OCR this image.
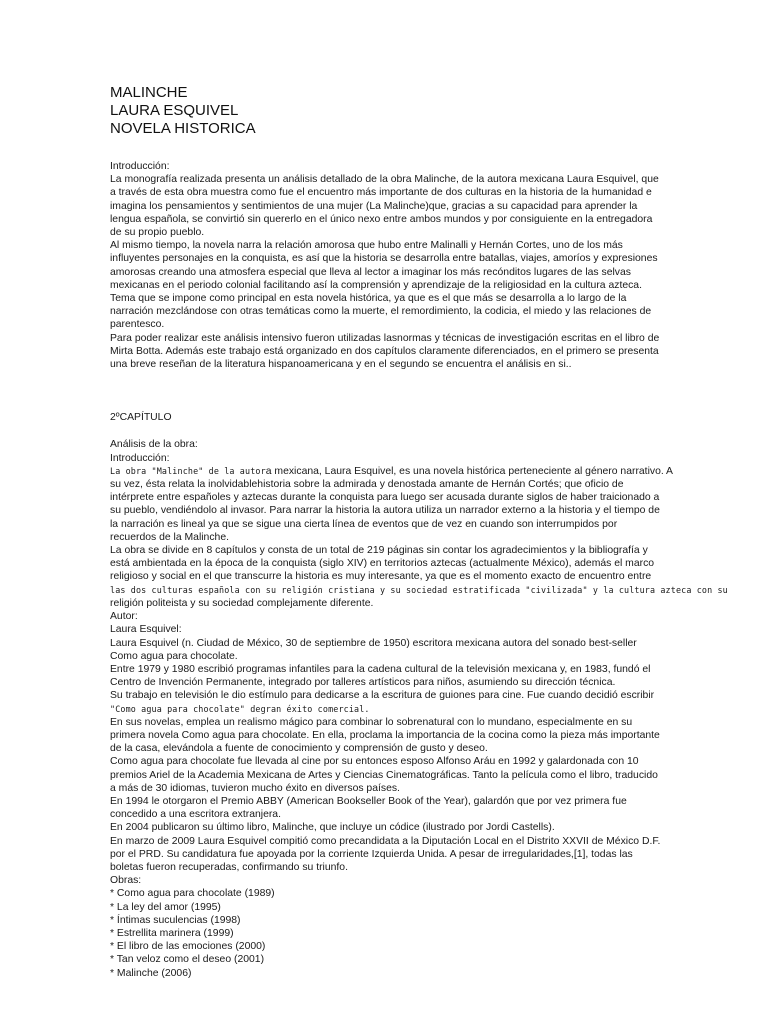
MALINCHE
LAURA ESQUIVEL
NOVELA HISTORICA
Introducción:
La monografía realizada presenta un análisis detallado de la obra Malinche, de la autora mexicana Laura Esquivel, que
a través de esta obra muestra como fue el encuentro más importante de dos culturas en la historia de la humanidad e
imagina los pensamientos y sentimientos de una mujer (La Malinche)que, gracias a su capacidad para aprender la
lengua española, se convirtió sin quererlo en el único nexo entre ambos mundos y por consiguiente en la entregadora
de su propio pueblo.
Al mismo tiempo, la novela narra la relación amorosa que hubo entre Malinalli y Hernán Cortes, uno de los más
influyentes personajes en la conquista, es así que la historia se desarrolla entre batallas, viajes, amoríos y expresiones
amorosas creando una atmosfera especial que lleva al lector a imaginar los más recónditos lugares de las selvas
mexicanas en el periodo colonial facilitando así la comprensión y aprendizaje de la religiosidad en la cultura azteca.
Tema que se impone como principal en esta novela histórica, ya que es el que más se desarrolla a lo largo de la
narración mezclándose con otras temáticas como la muerte, el remordimiento, la codicia, el miedo y las relaciones de
parentesco.
Para poder realizar este análisis intensivo fueron utilizadas lasnormas y técnicas de investigación escritas en el libro de
Mirta Botta. Además este trabajo está organizado en dos capítulos claramente diferenciados, en el primero se presenta
una breve reseñan de la literatura hispanoamericana y en el segundo se encuentra el análisis en si..
2ºCAPÍTULO
Análisis de la obra:
Introducción:
La obra "Malinche" de la autora mexicana, Laura Esquivel, es una novela histórica perteneciente al género narrativo. A
su vez, ésta relata la inolvidablehistoria sobre la admirada y denostada amante de Hernán Cortés; que oficio de
intérprete entre españoles y aztecas durante la conquista para luego ser acusada durante siglos de haber traicionado a
su pueblo, vendiéndolo al invasor. Para narrar la historia la autora utiliza un narrador externo a la historia y el tiempo de
la narración es lineal ya que se sigue una cierta línea de eventos que de vez en cuando son interrumpidos por
recuerdos de la Malinche.
La obra se divide en 8 capítulos y consta de un total de 219 páginas sin contar los agradecimientos y la bibliografía y
está ambientada en la época de la conquista (siglo XIV) en territorios aztecas (actualmente México), además el marco
religioso y social en el que transcurre la historia es muy interesante, ya que es el momento exacto de encuentro entre
las dos culturas española con su religión cristiana y su sociedad estratificada "civilizada" y la cultura azteca con su
religión politeista y su sociedad complejamente diferente.
Autor:
Laura Esquivel:
Laura Esquivel (n. Ciudad de México, 30 de septiembre de 1950) escritora mexicana autora del sonado best-seller
Como agua para chocolate.
Entre 1979 y 1980 escribió programas infantiles para la cadena cultural de la televisión mexicana y, en 1983, fundó el
Centro de Invención Permanente, integrado por talleres artísticos para niños, asumiendo su dirección técnica.
Su trabajo en televisión le dio estímulo para dedicarse a la escritura de guiones para cine. Fue cuando decidió escribir
"Como agua para chocolate" degran éxito comercial.
En sus novelas, emplea un realismo mágico para combinar lo sobrenatural con lo mundano, especialmente en su
primera novela Como agua para chocolate. En ella, proclama la importancia de la cocina como la pieza más importante
de la casa, elevándola a fuente de conocimiento y comprensión de gusto y deseo.
Como agua para chocolate fue llevada al cine por su entonces esposo Alfonso Aráu en 1992 y galardonada con 10
premios Ariel de la Academia Mexicana de Artes y Ciencias Cinematográficas. Tanto la película como el libro, traducido
a más de 30 idiomas, tuvieron mucho éxito en diversos países.
En 1994 le otorgaron el Premio ABBY (American Bookseller Book of the Year), galardón que por vez primera fue
concedido a una escritora extranjera.
En 2004 publicaron su último libro, Malinche, que incluye un códice (ilustrado por Jordi Castells).
En marzo de 2009 Laura Esquivel compitió como precandidata a la Diputación Local en el Distrito XXVII de México D.F.
por el PRD. Su candidatura fue apoyada por la corriente Izquierda Unida. A pesar de irregularidades,[1], todas las
boletas fueron recuperadas, confirmando su triunfo.
Obras:
* Como agua para chocolate (1989)
* La ley del amor (1995)
* Íntimas suculencias (1998)
* Estrellita marinera (1999)
* El libro de las emociones (2000)
* Tan veloz como el deseo (2001)
* Malinche (2006)
